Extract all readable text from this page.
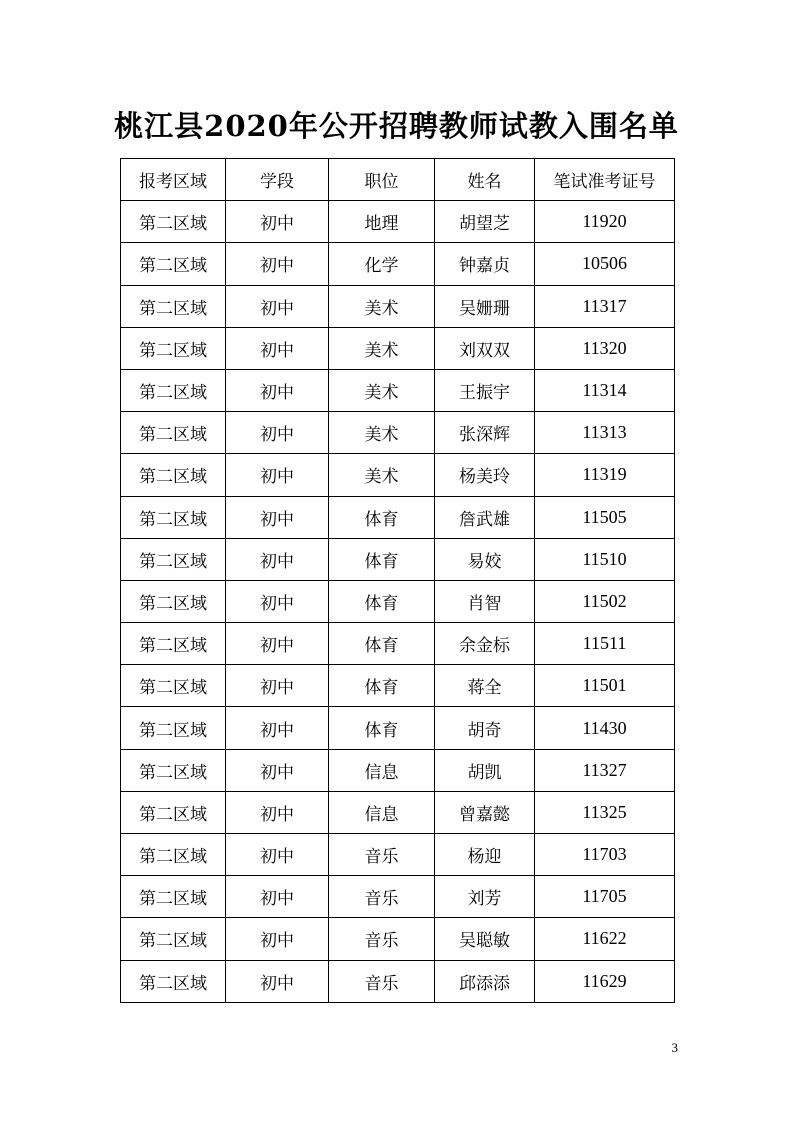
桃江县2020年公开招聘教师试教入围名单
报考区域	学段	职位	姓名	笔试准考证号
第二区域	初中	地理	胡望芝	11920
第二区域	初中	化学	钟嘉贞	10506
第二区域	初中	美术	吴姗珊	11317
第二区域	初中	美术	刘双双	11320
第二区域	初中	美术	王振宇	11314
第二区域	初中	美术	张深辉	11313
第二区域	初中	美术	杨美玲	11319
第二区域	初中	体育	詹武雄	11505
第二区域	初中	体育	易姣	11510
第二区域	初中	体育	肖智	11502
第二区域	初中	体育	余金标	11511
第二区域	初中	体育	蒋全	11501
第二区域	初中	体育	胡奇	11430
第二区域	初中	信息	胡凯	11327
第二区域	初中	信息	曾嘉懿	11325
第二区域	初中	音乐	杨迎	11703
第二区域	初中	音乐	刘芳	11705
第二区域	初中	音乐	吴聪敏	11622
第二区域	初中	音乐	邱添添	11629
3
